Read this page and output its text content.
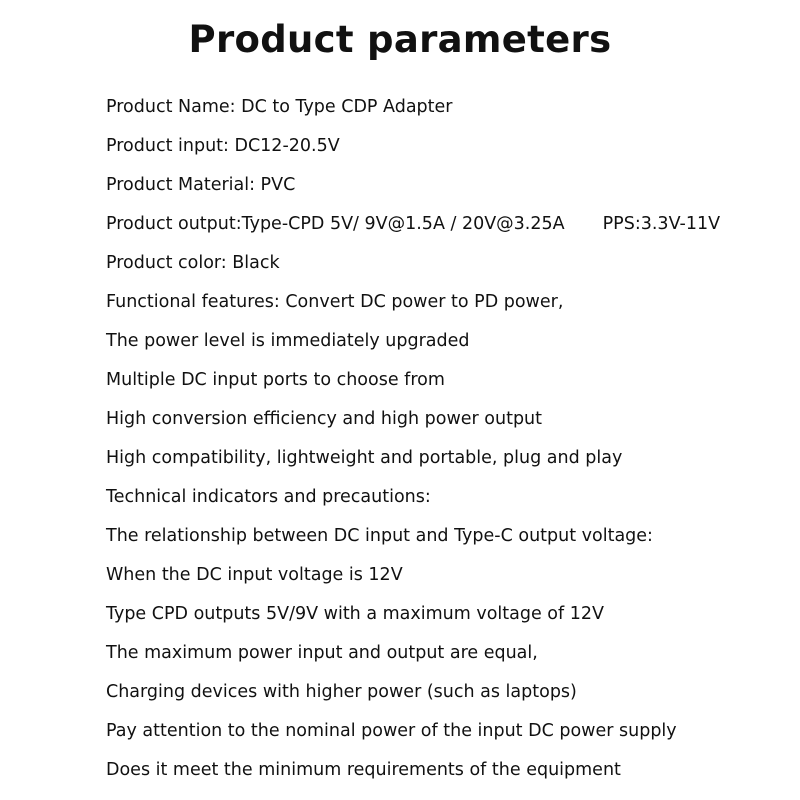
Product parameters
Product Name: DC to Type CDP Adapter
Product input: DC12-20.5V
Product Material: PVC
Product output:Type-CPD 5V/ 9V@1.5A / 20V@3.25A PPS:3.3V-11V
Product color: Black
Functional features: Convert DC power to PD power,
The power level is immediately upgraded
Multiple DC input ports to choose from
High conversion efficiency and high power output
High compatibility, lightweight and portable, plug and play
Technical indicators and precautions:
The relationship between DC input and Type-C output voltage:
When the DC input voltage is 12V
Type CPD outputs 5V/9V with a maximum voltage of 12V
The maximum power input and output are equal,
Charging devices with higher power (such as laptops)
Pay attention to the nominal power of the input DC power supply
Does it meet the minimum requirements of the equipment
